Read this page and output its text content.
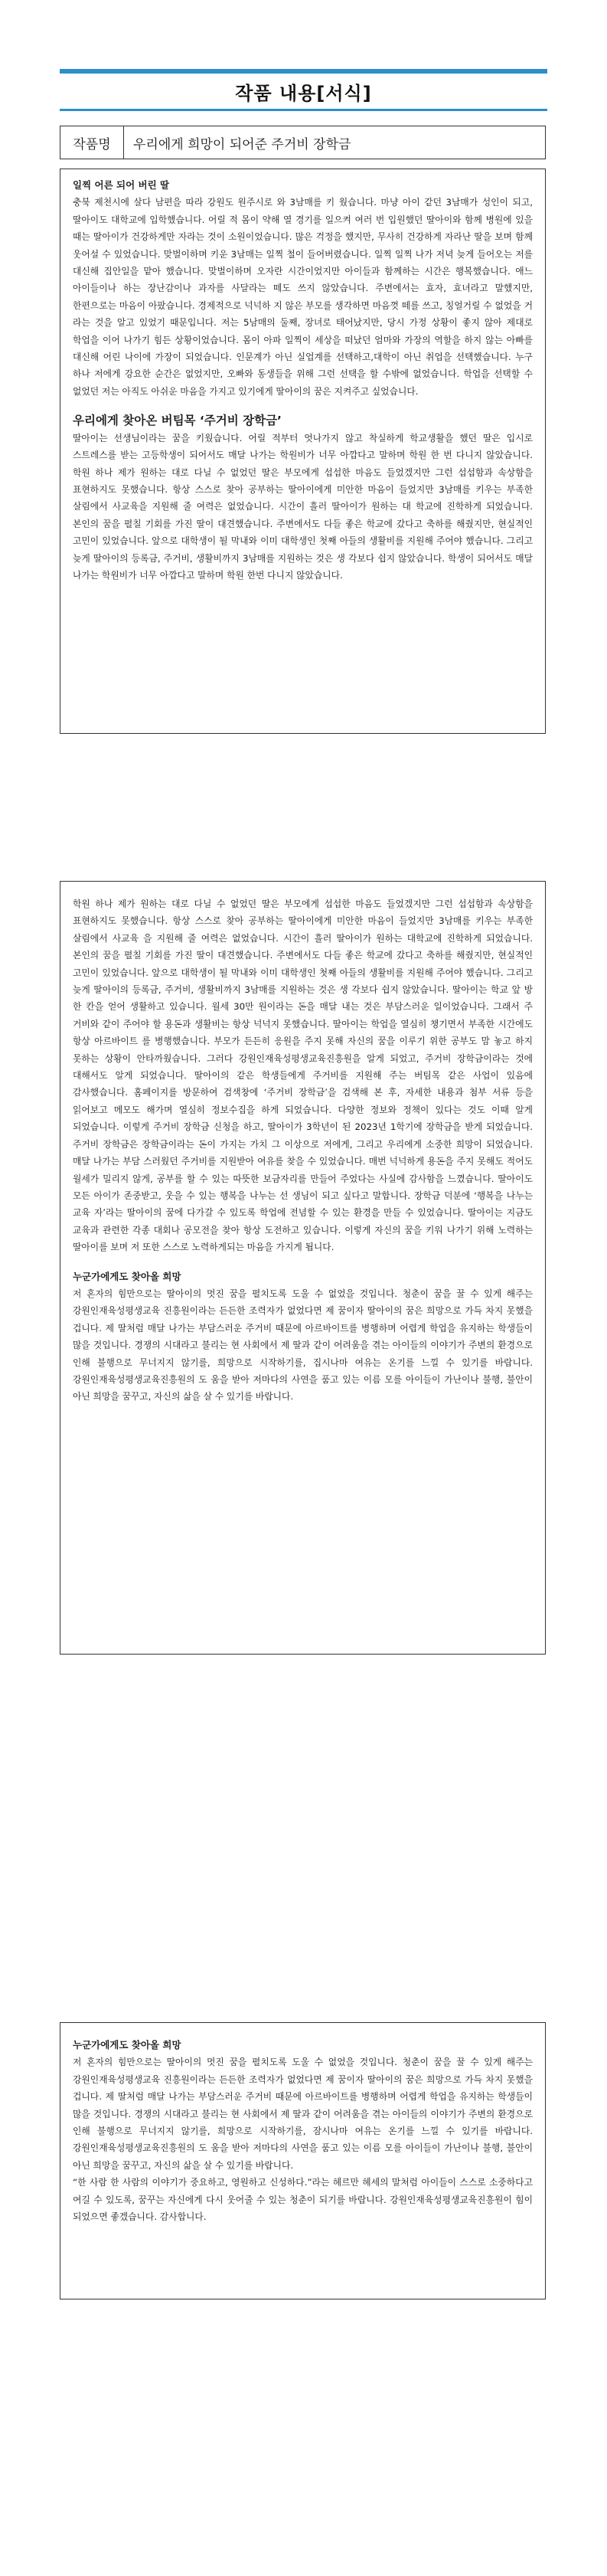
작품 내용[서식]
작품명	우리에게 희망이 되어준 주거비 장학금

일찍 어른 되어 버린 딸

충북 제천시에 살다 남편을 따라 강원도 원주시로 와 3남매를 키 웠습니다. 마냥 아이 같던 3남매가 성인이 되고, 딸아이도 대학교에 입학했습니다. 어릴 적 몸이 약해 열 경기를 일으켜 여러 번 입원했던 딸아이와 함께 병원에 있을 때는 딸아이가 건강하게만 자라는 것이 소원이었습니다. 많은 걱정을 했지만, 무사히 건강하게 자라난 딸을 보며 함께 웃어설 수 있었습니다. 맞벌이하며 키운 3남매는 일찍 철이 들어버렸습니다. 일찍 일찍 나가 저녁 늦게 들어오는 저를 대신해 집안일을 맡아 했습니다. 맞벌이하며 오자란 시간이었지만 아이들과 함께하는 시간은 행복했습니다. 애느 아이들이나 하는 장난감이나 과자를 사달라는 떼도 쓰지 않았습니다. 주변에서는 효자, 효녀라고 말했지만, 한편으로는 마음이 아팠습니다. 경제적으로 넉넉하 지 않은 부모를 생각하면 마음껏 떼를 쓰고, 칭얼거릴 수 없었을 거 라는 것을 알고 있었기 때문입니다. 저는 5남매의 둘째, 장녀로 태어났지만, 당시 가정 상황이 좋지 않아 제대로 학업을 이어 나가기 힘든 상황이었습니다. 몸이 아파 일찍이 세상을 떠났던 엄마와 가장의 역할을 하지 않는 아빠를 대신해 어린 나이에 가장이 되었습니다. 인문계가 아닌 실업계를 선택하고,대학이 아닌 취업을 선택했습니다. 누구 하나 저에게 강요한 순간은 없었지만, 오빠와 동생들을 위해 그런 선택을 할 수밖에 없었습니다. 학업을 선택할 수 없었던 저는 아직도 아쉬운 마음을 가지고 있기에게 딸아이의 꿈은 지켜주고 싶었습니다.

우리에게 찾아온 버팀목 ‘주거비 장학금’

딸아이는 선생님이라는 꿈을 키웠습니다. 어릴 적부터 엇나가지 않고 착실하게 학교생활을 했던 딸은 입시로 스트레스를 받는 고등학생이 되어서도 매달 나가는 학원비가 너무 아깝다고 말하며 학원 한 번 다니지 않았습니다. 학원 하나 제가 원하는 대로 다닐 수 없었던 딸은 부모에게 섭섭한 마음도 들었겠지만 그런 섭섭함과 속상함을 표현하지도 못했습니다. 항상 스스로 찾아 공부하는 딸아이에게 미안한 마음이 들었지만 3남매를 키우는 부족한 살림에서 사교육을 지원해 줄 여력은 없었습니다. 시간이 흘러 딸아이가 원하는 대 학교에 진학하게 되었습니다. 본인의 꿈을 펼칠 기회를 가진 딸이 대견했습니다. 주변에서도 다들 좋은 학교에 갔다고 축하를 해줬지만, 현실적인 고민이 있었습니다. 앞으로 대학생이 될 막내와 이미 대학생인 첫째 아들의 생활비를 지원해 주어야 했습니다. 그리고 늦게 딸아이의 등록금, 주거비, 생활비까지 3남매를 지원하는 것은 생 각보다 쉽지 않았습니다. 학생이 되어서도 매달 나가는 학원비가 너무 아깝다고 말하며 학원 한번 다니지 않았습니다.

학원 하나 제가 원하는 대로 다닐 수 없었던 딸은 부모에게 섭섭한 마음도 들었겠지만 그런 섭섭함과 속상함을 표현하지도 못했습니다. 항상 스스로 찾아 공부하는 딸아이에게 미안한 마음이 들었지만 3남매를 키우는 부족한 살림에서 사교육 을 지원해 줄 여력은 없었습니다. 시간이 흘러 딸아이가 원하는 대학교에 진학하게 되었습니다. 본인의 꿈을 펼칠 기회를 가진 딸이 대견했습니다. 주변에서도 다들 좋은 학교에 갔다고 축하를 해줬지만, 현실적인 고민이 있었습니다. 앞으로 대학생이 될 막내와 이미 대학생인 첫째 아들의 생활비를 지원해 주어야 했습니다. 그리고 늦게 딸아이의 등록금, 주거비, 생활비까지 3남매를 지원하는 것은 생 각보다 쉽지 않았습니다. 딸아이는 학교 앞 방 한 칸을 얻어 생활하고 있습니다. 월세 30만 원이라는 돈을 매달 내는 것은 부담스러운 일이었습니다. 그래서 주 거비와 같이 주어야 할 용돈과 생활비는 항상 넉넉지 못했습니다. 딸아이는 학업을 열심히 챙기면서 부족한 시간에도 항상 아르바이트 를 병행했습니다. 부모가 든든히 응원을 주지 못해 자신의 꿈을 이루기 위한 공부도 맘 놓고 하지 못하는 상황이 안타까웠습니다. 그러다 강원인재육성평생교육진흥원을 알게 되었고, 주거비 장학금이라는 것에 대해서도 알게 되었습니다. 딸아이의 같은 학생들에게 주거비를 지원해 주는 버팀목 같은 사업이 있음에 감사했습니다. 홈페이지를 방문하여 검색창에 ‘주거비 장학금’을 검색해 본 후, 자세한 내용과 첨부 서류 등을 읽어보고 메모도 해가며 열심히 정보수집을 하게 되었습니다. 다양한 정보와 정책이 있다는 것도 이때 알게 되었습니다. 이렇게 주거비 장학금 신청을 하고, 딸아이가 3학년이 된 2023년 1학기에 장학금을 받게 되었습니다. 주거비 장학금은 장학금이라는 돈이 가지는 가치 그 이상으로 저에게, 그리고 우리에게 소중한 희망이 되었습니다. 매달 나가는 부담 스러웠던 주거비를 지원받아 여유를 찾을 수 있었습니다. 매번 넉넉하게 용돈을 주지 못해도 적어도 월세가 밀리지 않게, 공부를 할 수 있는 따뜻한 보금자리를 만들어 주었다는 사실에 감사함을 느꼈습니다. 딸아이도 모든 아이가 존중받고, 웃을 수 있는 행복을 나누는 선 생님이 되고 싶다고 말합니다. 장학금 덕분에 ‘행복을 나누는 교육 자’라는 딸아이의 꿈에 다가갈 수 있도록 학업에 전념할 수 있는 환경을 만들 수 있었습니다. 딸아이는 지금도 교육과 관련한 각종 대회나 공모전을 찾아 항상 도전하고 있습니다. 이렇게 자신의 꿈을 키워 나가기 위해 노력하는 딸아이를 보며 저 또한 스스로 노력하게되는 마음을 가지게 됩니다.

누군가에게도 찾아올 희망

저 혼자의 힘만으로는 딸아이의 멋진 꿈을 펼치도록 도울 수 없었을 것입니다. 청춘이 꿈을 꿀 수 있게 해주는 강원인재육성평생교육 진흥원이라는 든든한 조력자가 없었다면 제 꿈이자 딸아이의 꿈은 희망으로 가득 차지 못했을 겁니다. 제 딸처럼 매달 나가는 부담스러운 주거비 때문에 아르바이트를 병행하며 어렵게 학업을 유지하는 학생들이 많을 것입니다. 경쟁의 시대라고 불리는 현 사회에서 제 딸과 같이 어려움을 겪는 아이들의 이야기가 주변의 환경으로 인해 불행으로 무너지지 않기를, 희망으로 시작하기를, 집시나마 여유는 온기를 느낄 수 있기를 바랍니다. 강원인재육성평생교육진흥원의 도 움을 받아 저마다의 사연을 품고 있는 이름 모를 아이들이 가난이나 불행, 불안이 아닌 희망을 꿈꾸고, 자신의 삶을 살 수 있기를 바랍니다.

누군가에게도 찾아올 희망

저 혼자의 힘만으로는 딸아이의 멋진 꿈을 펼치도록 도울 수 없었을 것입니다. 청춘이 꿈을 꿀 수 있게 해주는 강원인재육성평생교육 진흥원이라는 든든한 조력자가 없었다면 제 꿈이자 딸아이의 꿈은 희망으로 가득 차지 못했을 겁니다. 제 딸처럼 매달 나가는 부담스러운 주거비 때문에 아르바이트를 병행하며 어렵게 학업을 유지하는 학생들이 많을 것입니다. 경쟁의 시대라고 불리는 현 사회에서 제 딸과 같이 어려움을 겪는 아이들의 이야기가 주변의 환경으로 인해 불행으로 무너지지 않기를, 희망으로 시작하기를, 잠시나마 여유는 온기를 느낄 수 있기를 바랍니다. 강원인재육성평생교육진흥원의 도 움을 받아 저마다의 사연을 품고 있는 이름 모를 아이들이 가난이나 불행, 불안이 아닌 희망을 꿈꾸고, 자신의 삶을 살 수 있기를 바랍니다.

“한 사람 한 사람의 이야기가 중요하고, 영원하고 신성하다.”라는 헤르만 헤세의 말처럼 아이들이 스스로 소중하다고 여길 수 있도록, 꿈꾸는 자신에게 다시 웃어줄 수 있는 청춘이 되기를 바랍니다. 강원인재육성평생교육진흥원이 힘이 되었으면 좋겠습니다. 감사합니다.
